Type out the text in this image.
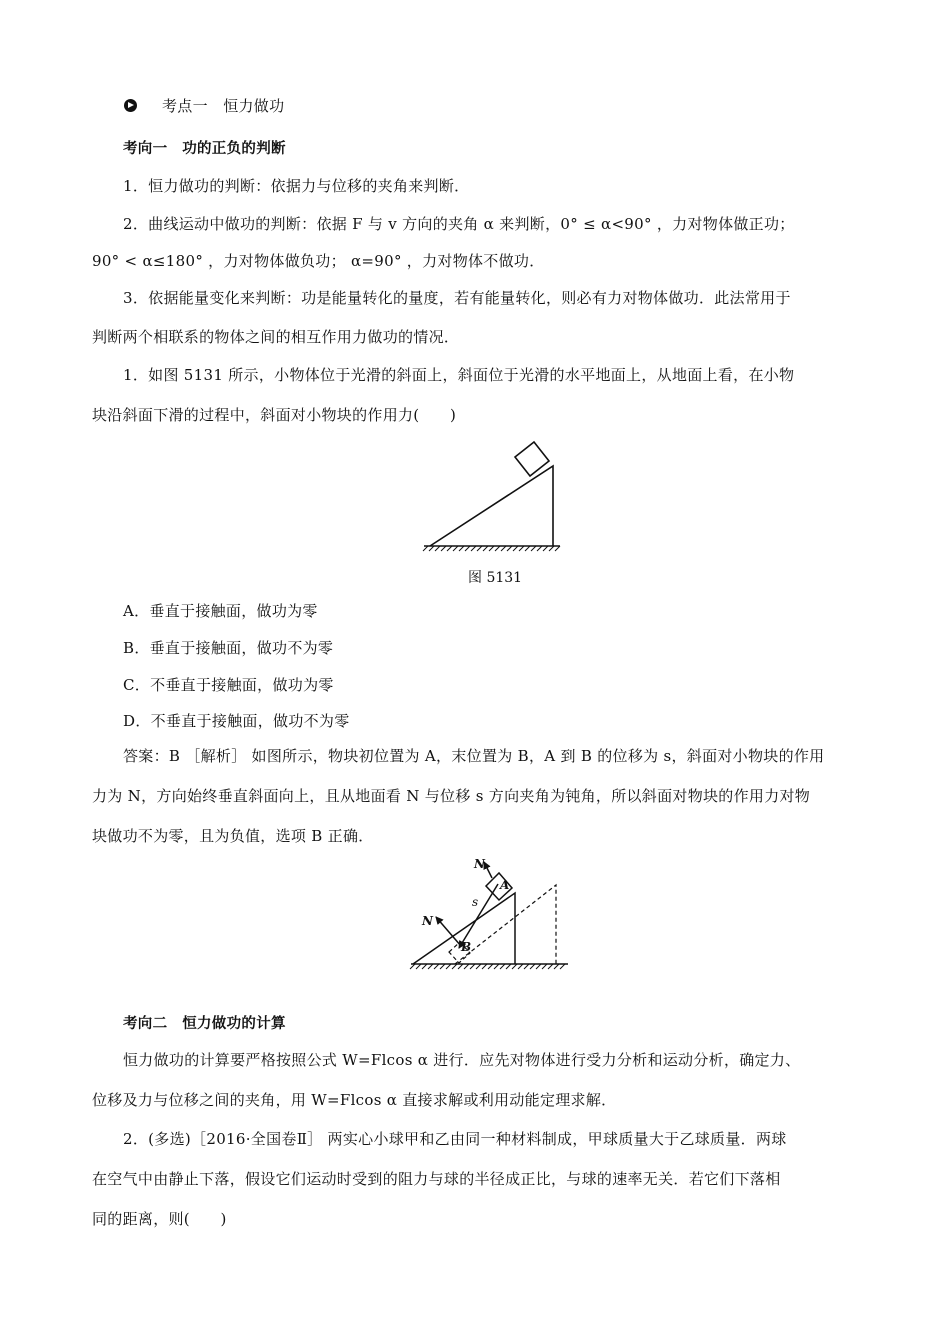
考点一　恒力做功
考向一　功的正负的判断
1．恒力做功的判断：依据力与位移的夹角来判断．
2．曲线运动中做功的判断：依据 F 与 v 方向的夹角 α 来判断，0° ≤ α<90° ，力对物体做正功；
90° < α≤180° ，力对物体做负功； α=90° ，力对物体不做功．
3．依据能量变化来判断：功是能量转化的量度，若有能量转化，则必有力对物体做功．此法常用于
判断两个相联系的物体之间的相互作用力做功的情况．
1．如图 5131 所示，小物体位于光滑的斜面上，斜面位于光滑的水平地面上，从地面上看，在小物
块沿斜面下滑的过程中，斜面对小物块的作用力(　　)
图 5131
A．垂直于接触面，做功为零
B．垂直于接触面，做功不为零
C．不垂直于接触面，做功为零
D．不垂直于接触面，做功不为零
答案：B ［解析］ 如图所示，物块初位置为 A，末位置为 B，A 到 B 的位移为 s，斜面对小物块的作用
力为 N，方向始终垂直斜面向上，且从地面看 N 与位移 s 方向夹角为钝角，所以斜面对物块的作用力对物
块做功不为零，且为负值，选项 B 正确．
N
N
A
B
s
考向二　恒力做功的计算
恒力做功的计算要严格按照公式 W=Flcos α 进行．应先对物体进行受力分析和运动分析，确定力、
位移及力与位移之间的夹角，用 W=Flcos α 直接求解或利用动能定理求解．
2．(多选)［2016·全国卷Ⅱ］ 两实心小球甲和乙由同一种材料制成，甲球质量大于乙球质量．两球
在空气中由静止下落，假设它们运动时受到的阻力与球的半径成正比，与球的速率无关．若它们下落相
同的距离，则(　　)
